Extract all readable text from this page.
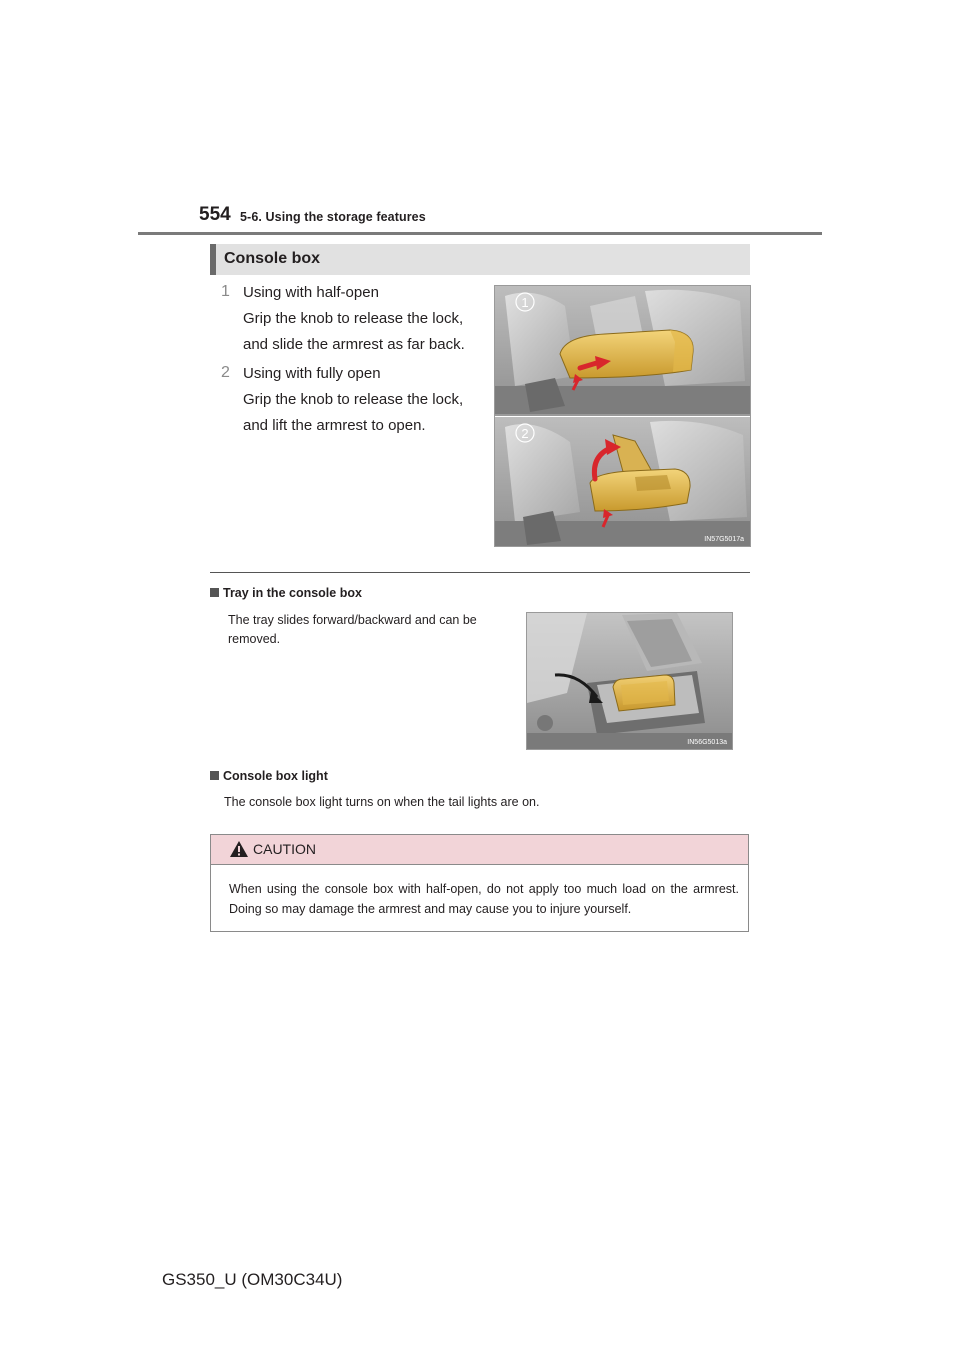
554 5-6. Using the storage features
Console box
1 Using with half-open
Grip the knob to release the lock,
and slide the armrest as far back.
2 Using with fully open
Grip the knob to release the lock,
and lift the armrest to open.
1
2
IN57G5017a
Tray in the console box
The tray slides forward/backward and can be
removed.
IN56G5013a
Console box light
The console box light turns on when the tail lights are on.
CAUTION
When using the console box with half-open, do not apply too much load on the armrest. Doing so may damage the armrest and may cause you to injure yourself.
GS350_U (OM30C34U)
